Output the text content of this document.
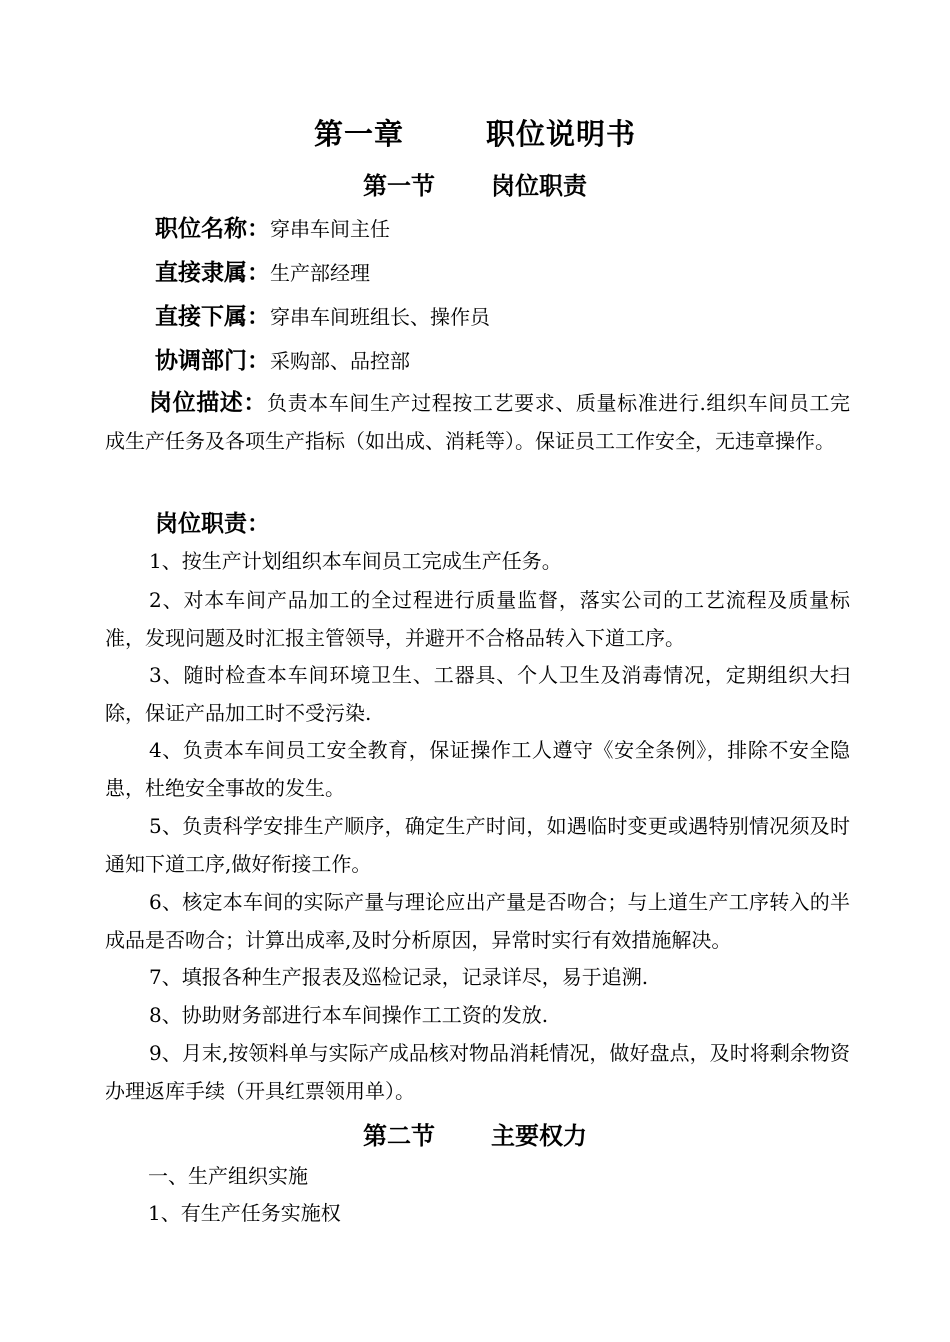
第一章	职位说明书
第一节 岗位职责
职位名称：穿串车间主任
直接隶属：生产部经理
直接下属：穿串车间班组长、操作员
协调部门：采购部、品控部
岗位描述：负责本车间生产过程按工艺要求、质量标准进行.组织车间员工完成生产任务及各项生产指标（如出成、消耗等）。保证员工工作安全，无违章操作。
岗位职责：
1、按生产计划组织本车间员工完成生产任务。
2、对本车间产品加工的全过程进行质量监督，落实公司的工艺流程及质量标准，发现问题及时汇报主管领导，并避开不合格品转入下道工序。
3、随时检查本车间环境卫生、工器具、个人卫生及消毒情况，定期组织大扫除，保证产品加工时不受污染.
4、负责本车间员工安全教育，保证操作工人遵守《安全条例》，排除不安全隐患，杜绝安全事故的发生。
5、负责科学安排生产顺序，确定生产时间，如遇临时变更或遇特别情况须及时通知下道工序,做好衔接工作。
6、核定本车间的实际产量与理论应出产量是否吻合；与上道生产工序转入的半成品是否吻合；计算出成率,及时分析原因，异常时实行有效措施解决。
7、填报各种生产报表及巡检记录，记录详尽，易于追溯.
8、协助财务部进行本车间操作工工资的发放.
9、月末,按领料单与实际产成品核对物品消耗情况，做好盘点，及时将剩余物资办理返库手续（开具红票领用单）。
第二节 主要权力
一、生产组织实施
1、有生产任务实施权
